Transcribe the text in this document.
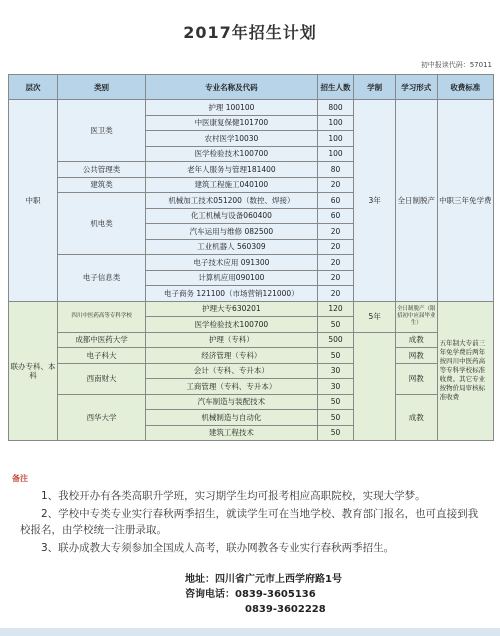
2017年招生计划
初中报读代码：57011
层次	类别	专业名称及代码	招生人数	学制	学习形式	收费标准
中职	医卫类	护理 100100	800	3年	全日制脱产	中职三年免学费
		中医康复保健101700	100			
		农村医学10030	100			
		医学检验技术100700	100			
	公共管理类	老年人服务与管理181400	80			
	建筑类	建筑工程施工040100	20			
	机电类	机械加工技术051200（数控、焊接）	60			
		化工机械与设备060400	60			
		汽车运用与维修 082500	20			
		工业机器人 560309	20			
	电子信息类	电子技术应用 091300	20			
		计算机应用090100	20			
		电子商务 121100（市场营销121000）	20			
联办专科、本科	四川中医药高等专科学校	护理大专630201	120	5年	全日制脱产（限招初中应届毕业生）	五年制大专前三年免学费后两年按四川中医药高等专科学校标准收费。其它专业按物价局审核标准收费
		医学检验技术100700	50			
	成都中医药大学	护理（专科）	500		成教	
	电子科大	经济管理（专科）	50		网教	
	西南财大	会计（专科、专升本）	30		网教	
		工商管理（专科、专升本）	30			
	西华大学	汽车制造与装配技术	50		成教	
		机械制造与自动化	50			
		建筑工程技术	50			
备注

1、我校开办有各类高职升学班，实习期学生均可报考相应高职院校，实现大学梦。

2、学校中专类专业实行春秋两季招生，就读学生可在当地学校、教育部门报名，也可直接到我校报名，由学校统一注册录取。

3、联办成教大专须参加全国成人高考，联办网教各专业实行春秋两季招生。

地址：四川省广元市上西学府路1号
咨询电话：0839-3605136
0839-3602228
